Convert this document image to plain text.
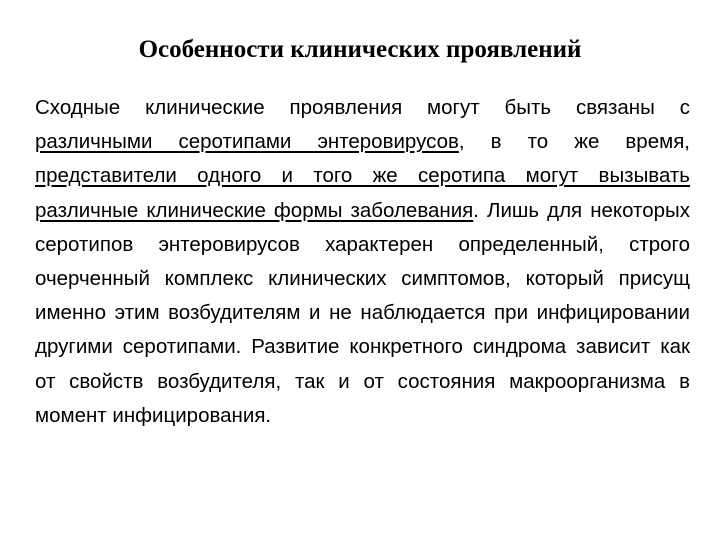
Особенности клинических проявлений

Сходные клинические проявления могут быть связаны с различными серотипами энтеровирусов, в то же время, представители одного и того же серотипа могут вызывать различные клинические формы заболевания. Лишь для некоторых серотипов энтеровирусов характерен определенный, строго очерченный комплекс клинических симптомов, который присущ именно этим возбудителям и не наблюдается при инфицировании другими серотипами. Развитие конкретного синдрома зависит как от свойств возбудителя, так и от состояния макроорганизма в момент инфицирования.
